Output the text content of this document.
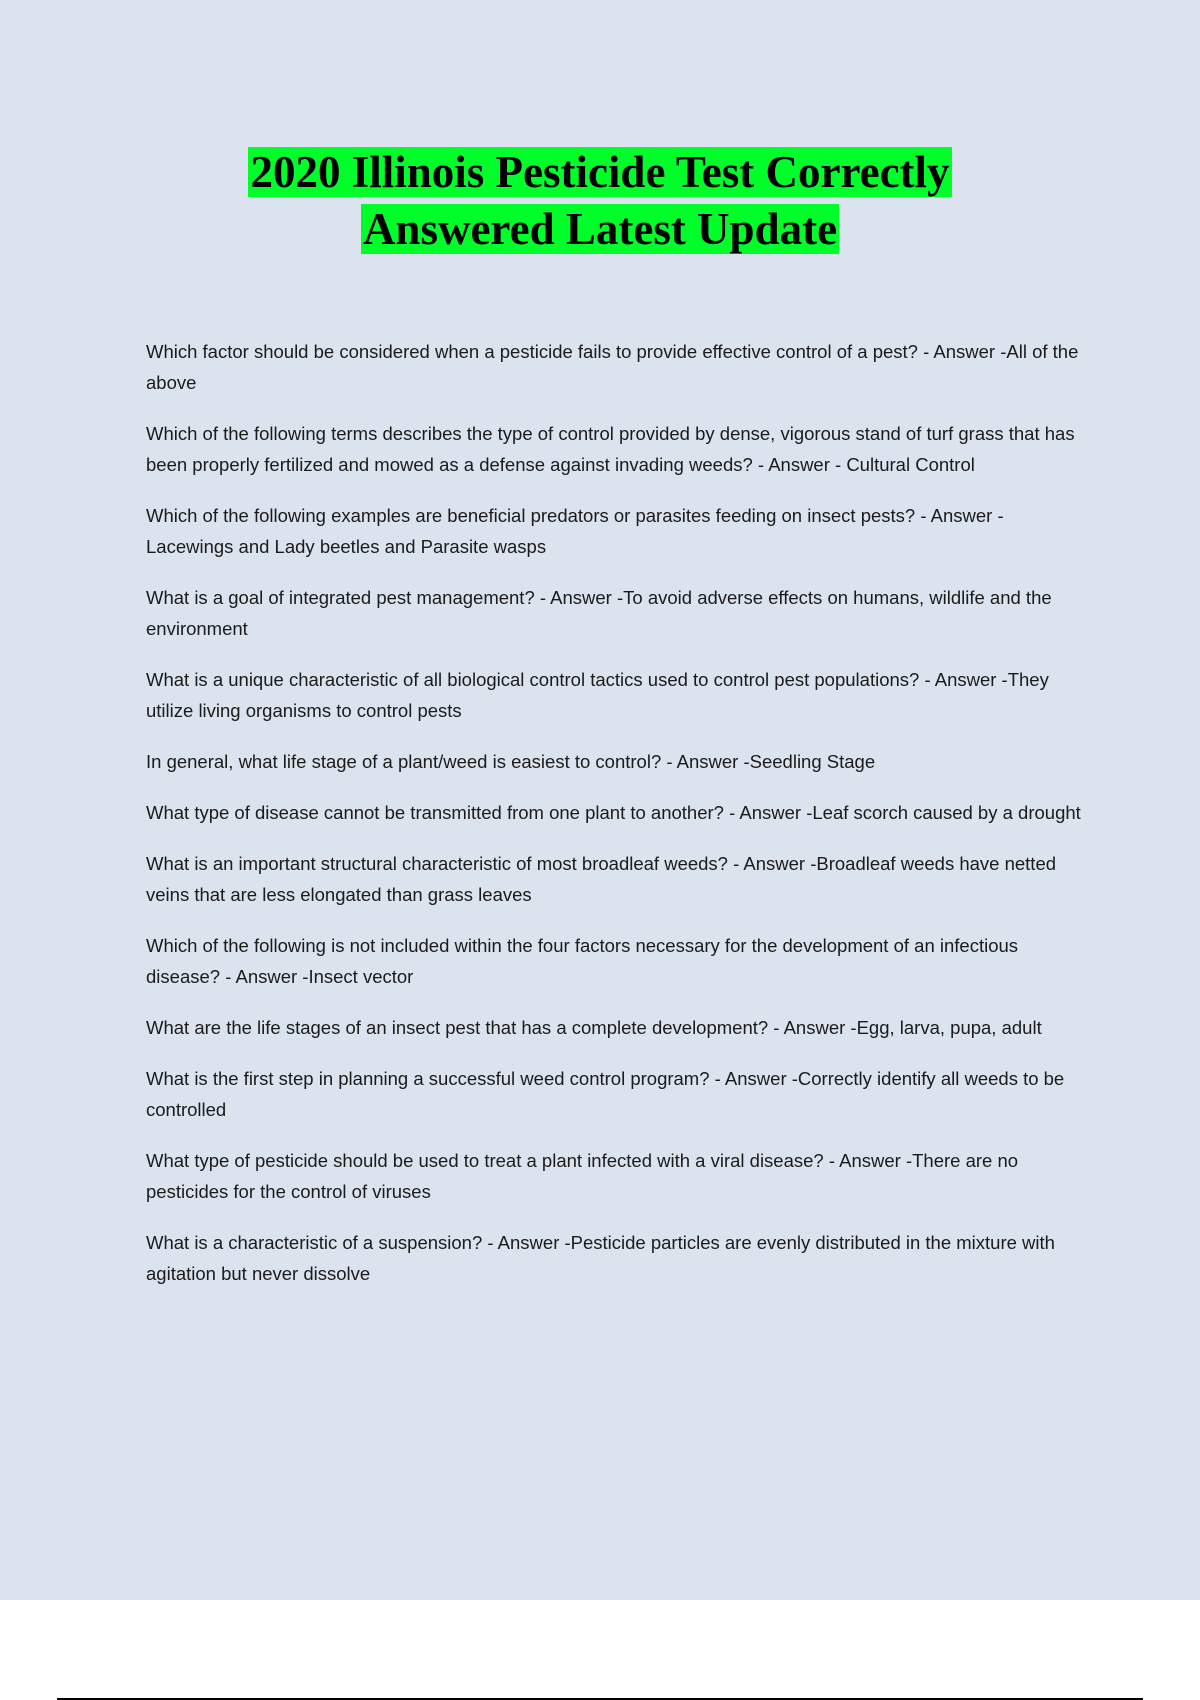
2020 Illinois Pesticide Test Correctly
Answered Latest Update

Which factor should be considered when a pesticide fails to provide effective control of a pest? - Answer -All of the above

Which of the following terms describes the type of control provided by dense, vigorous stand of turf grass that has been properly fertilized and mowed as a defense against invading weeds? - Answer - Cultural Control

Which of the following examples are beneficial predators or parasites feeding on insect pests? - Answer - Lacewings and Lady beetles and Parasite wasps

What is a goal of integrated pest management? - Answer -To avoid adverse effects on humans, wildlife and the environment

What is a unique characteristic of all biological control tactics used to control pest populations? - Answer -They utilize living organisms to control pests

In general, what life stage of a plant/weed is easiest to control? - Answer -Seedling Stage

What type of disease cannot be transmitted from one plant to another? - Answer -Leaf scorch caused by a drought

What is an important structural characteristic of most broadleaf weeds? - Answer -Broadleaf weeds have netted veins that are less elongated than grass leaves

Which of the following is not included within the four factors necessary for the development of an infectious disease? - Answer -Insect vector

What are the life stages of an insect pest that has a complete development? - Answer -Egg, larva, pupa, adult

What is the first step in planning a successful weed control program? - Answer -Correctly identify all weeds to be controlled

What type of pesticide should be used to treat a plant infected with a viral disease? - Answer -There are no pesticides for the control of viruses

What is a characteristic of a suspension? - Answer -Pesticide particles are evenly distributed in the mixture with agitation but never dissolve
